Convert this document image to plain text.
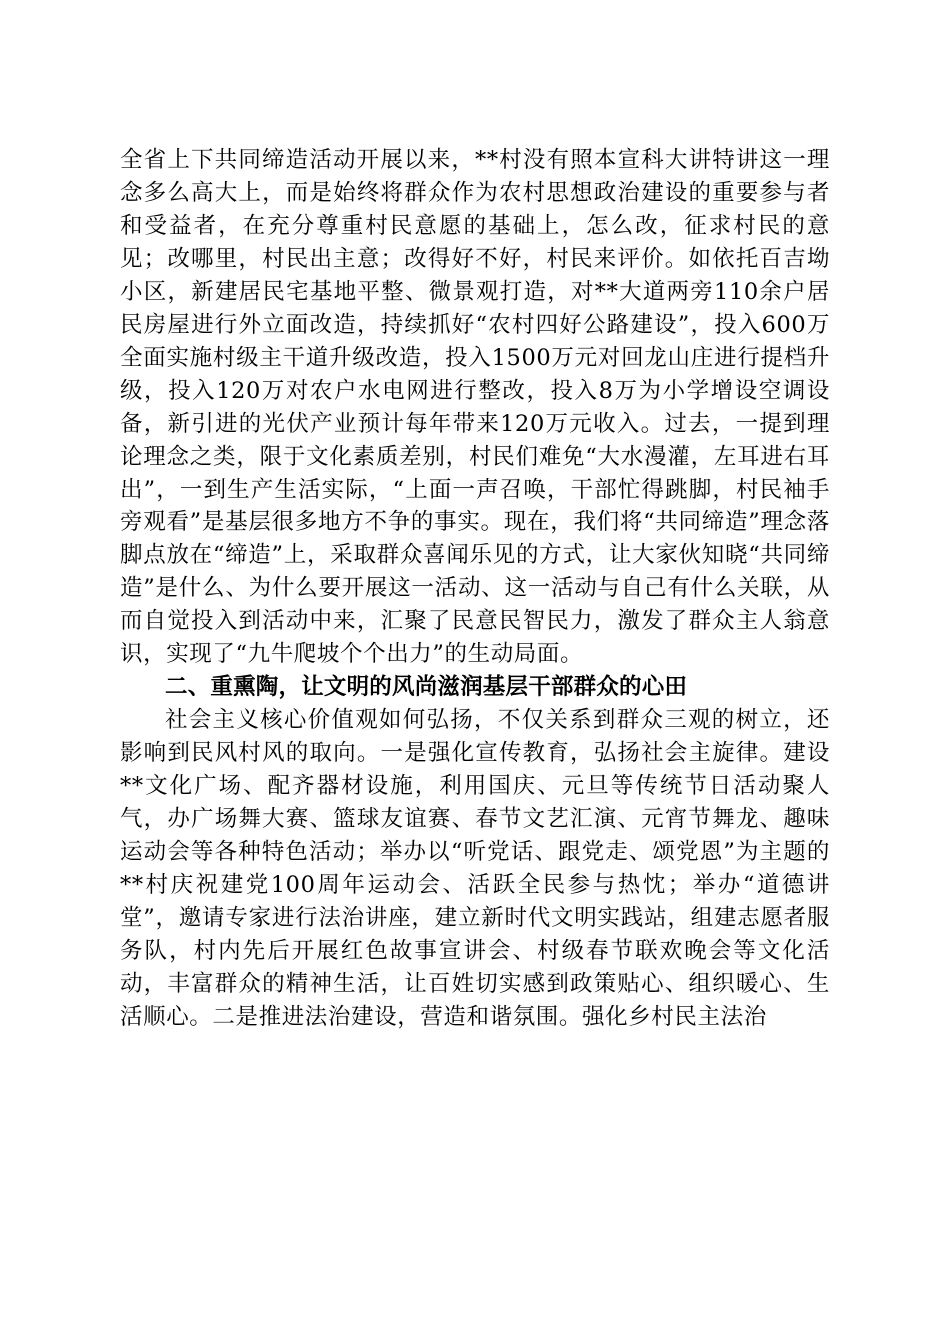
全省上下共同缔造活动开展以来，**村没有照本宣科大讲特讲这一理念多么高大上，而是始终将群众作为农村思想政治建设的重要参与者和受益者，在充分尊重村民意愿的基础上，怎么改，征求村民的意见；改哪里，村民出主意；改得好不好，村民来评价。如依托百吉坳小区，新建居民宅基地平整、微景观打造，对**大道两旁110余户居民房屋进行外立面改造，持续抓好“农村四好公路建设”，投入600万全面实施村级主干道升级改造，投入1500万元对回龙山庄进行提档升级，投入120万对农户水电网进行整改，投入8万为小学增设空调设备，新引进的光伏产业预计每年带来120万元收入。过去，一提到理论理念之类，限于文化素质差别，村民们难免“大水漫灌，左耳进右耳出”，一到生产生活实际，“上面一声召唤，干部忙得跳脚，村民袖手旁观看”是基层很多地方不争的事实。现在，我们将“共同缔造”理念落脚点放在“缔造”上，采取群众喜闻乐见的方式，让大家伙知晓“共同缔造”是什么、为什么要开展这一活动、这一活动与自己有什么关联，从而自觉投入到活动中来，汇聚了民意民智民力，激发了群众主人翁意识，实现了“九牛爬坡个个出力”的生动局面。

二、重熏陶，让文明的风尚滋润基层干部群众的心田

社会主义核心价值观如何弘扬，不仅关系到群众三观的树立，还影响到民风村风的取向。一是强化宣传教育，弘扬社会主旋律。建设**文化广场、配齐器材设施，利用国庆、元旦等传统节日活动聚人气，办广场舞大赛、篮球友谊赛、春节文艺汇演、元宵节舞龙、趣味运动会等各种特色活动；举办以“听党话、跟党走、颂党恩”为主题的**村庆祝建党100周年运动会、活跃全民参与热忱；举办“道德讲堂”，邀请专家进行法治讲座，建立新时代文明实践站，组建志愿者服务队，村内先后开展红色故事宣讲会、村级春节联欢晚会等文化活动，丰富群众的精神生活，让百姓切实感到政策贴心、组织暖心、生活顺心。二是推进法治建设，营造和谐氛围。强化乡村民主法治
